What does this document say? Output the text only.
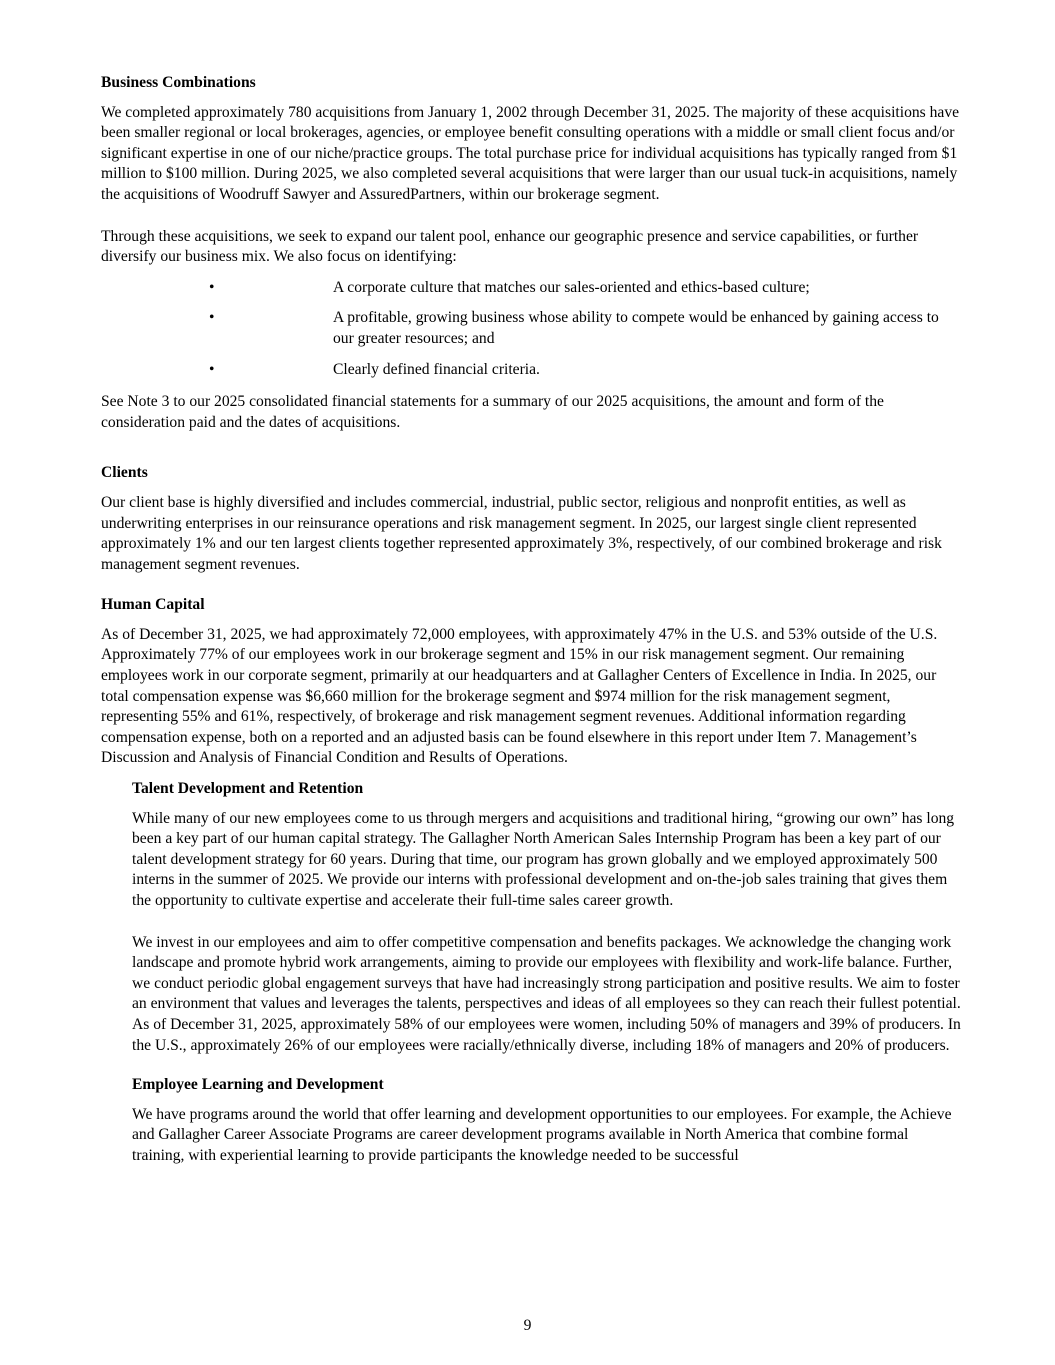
Business Combinations

We completed approximately 780 acquisitions from January 1, 2002 through December 31, 2025. The majority of these acquisitions have been smaller regional or local brokerages, agencies, or employee benefit consulting operations with a middle or small client focus and/or significant expertise in one of our niche/practice groups. The total purchase price for individual acquisitions has typically ranged from $1 million to $100 million. During 2025, we also completed several acquisitions that were larger than our usual tuck-in acquisitions, namely the acquisitions of Woodruff Sawyer and AssuredPartners, within our brokerage segment.

Through these acquisitions, we seek to expand our talent pool, enhance our geographic presence and service capabilities, or further diversify our business mix. We also focus on identifying:

•	A corporate culture that matches our sales-oriented and ethics-based culture;
•	A profitable, growing business whose ability to compete would be enhanced by gaining access to our greater resources; and
•	Clearly defined financial criteria.

See Note 3 to our 2025 consolidated financial statements for a summary of our 2025 acquisitions, the amount and form of the consideration paid and the dates of acquisitions.

Clients

Our client base is highly diversified and includes commercial, industrial, public sector, religious and nonprofit entities, as well as underwriting enterprises in our reinsurance operations and risk management segment. In 2025, our largest single client represented approximately 1% and our ten largest clients together represented approximately 3%, respectively, of our combined brokerage and risk management segment revenues.

Human Capital

As of December 31, 2025, we had approximately 72,000 employees, with approximately 47% in the U.S. and 53% outside of the U.S. Approximately 77% of our employees work in our brokerage segment and 15% in our risk management segment. Our remaining employees work in our corporate segment, primarily at our headquarters and at Gallagher Centers of Excellence in India. In 2025, our total compensation expense was $6,660 million for the brokerage segment and $974 million for the risk management segment, representing 55% and 61%, respectively, of brokerage and risk management segment revenues. Additional information regarding compensation expense, both on a reported and an adjusted basis can be found elsewhere in this report under Item 7. Management’s Discussion and Analysis of Financial Condition and Results of Operations.

Talent Development and Retention

While many of our new employees come to us through mergers and acquisitions and traditional hiring, “growing our own” has long been a key part of our human capital strategy. The Gallagher North American Sales Internship Program has been a key part of our talent development strategy for 60 years. During that time, our program has grown globally and we employed approximately 500 interns in the summer of 2025. We provide our interns with professional development and on-the-job sales training that gives them the opportunity to cultivate expertise and accelerate their full-time sales career growth.

We invest in our employees and aim to offer competitive compensation and benefits packages. We acknowledge the changing work landscape and promote hybrid work arrangements, aiming to provide our employees with flexibility and work-life balance. Further, we conduct periodic global engagement surveys that have had increasingly strong participation and positive results. We aim to foster an environment that values and leverages the talents, perspectives and ideas of all employees so they can reach their fullest potential. As of December 31, 2025, approximately 58% of our employees were women, including 50% of managers and 39% of producers. In the U.S., approximately 26% of our employees were racially/ethnically diverse, including 18% of managers and 20% of producers.

Employee Learning and Development

We have programs around the world that offer learning and development opportunities to our employees. For example, the Achieve and Gallagher Career Associate Programs are career development programs available in North America that combine formal training, with experiential learning to provide participants the knowledge needed to be successful

9
